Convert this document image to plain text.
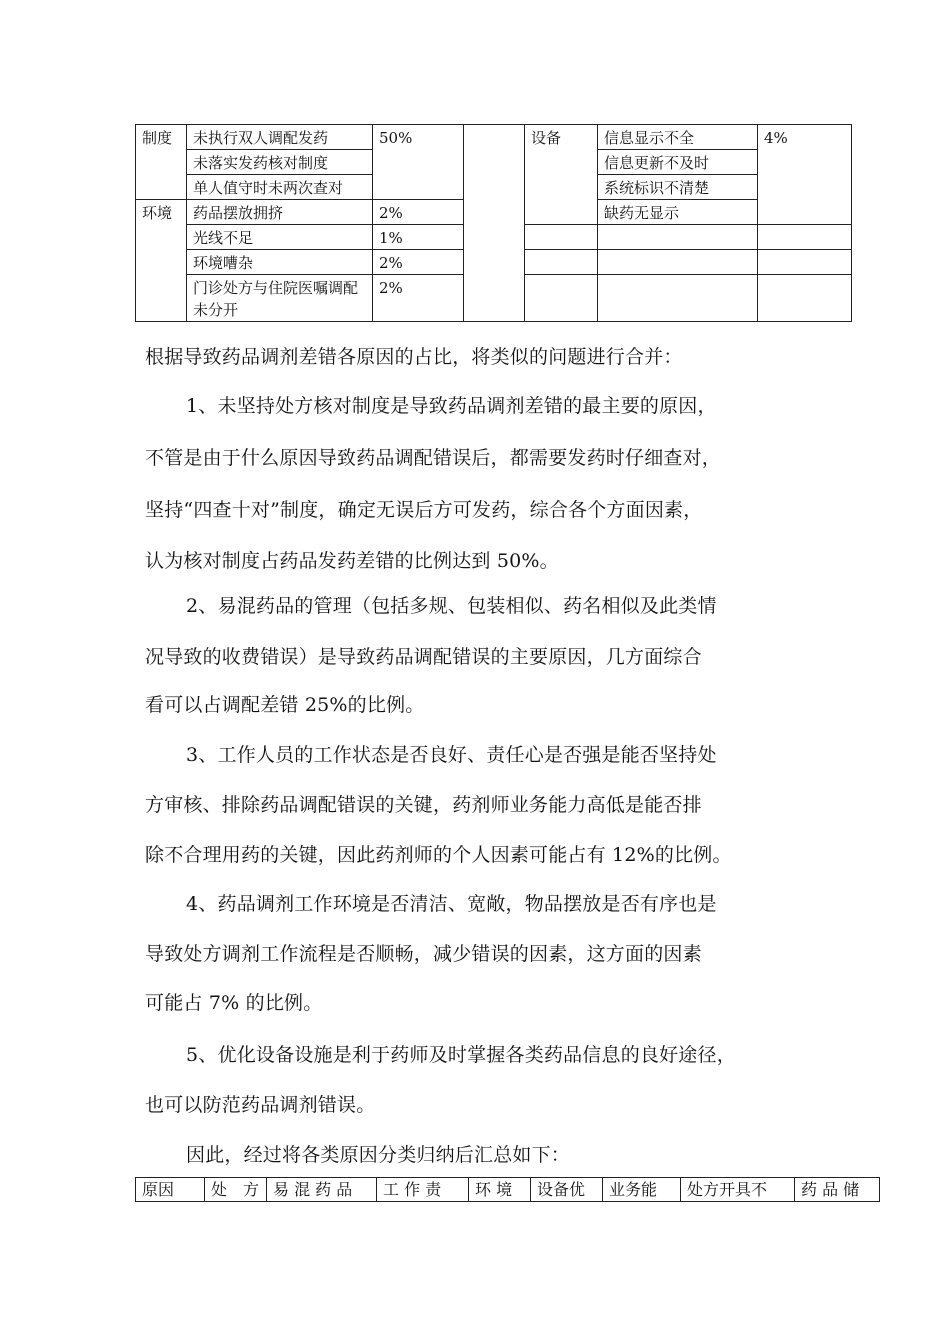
制度	未执行双人调配发药	50%		设备	信息显示不全	4%
	未落实发药核对制度				信息更新不及时	
	单人值守时未两次查对				系统标识不清楚	
环境	药品摆放拥挤	2%			缺药无显示	
	光线不足	1%				
	环境嘈杂	2%				
	门诊处方与住院医嘱调配未分开	2%				

根据导致药品调剂差错各原因的占比，将类似的问题进行合并：

1、未坚持处方核对制度是导致药品调剂差错的最主要的原因，

不管是由于什么原因导致药品调配错误后，都需要发药时仔细查对，

坚持“四查十对”制度，确定无误后方可发药，综合各个方面因素，

认为核对制度占药品发药差错的比例达到 50%。

2、易混药品的管理（包括多规、包装相似、药名相似及此类情

况导致的收费错误）是导致药品调配错误的主要原因，几方面综合

看可以占调配差错 25%的比例。

3、工作人员的工作状态是否良好、责任心是否强是能否坚持处

方审核、排除药品调配错误的关键，药剂师业务能力高低是能否排

除不合理用药的关键，因此药剂师的个人因素可能占有 12%的比例。

4、药品调剂工作环境是否清洁、宽敞，物品摆放是否有序也是

导致处方调剂工作流程是否顺畅，减少错误的因素，这方面的因素

可能占 7% 的比例。

5、优化设备设施是利于药师及时掌握各类药品信息的良好途径，

也可以防范药品调剂错误。

因此，经过将各类原因分类归纳后汇总如下：

原因	处　方	易 混 药 品	工 作 责	环 境	设备优	业务能	处方开具不	药 品 储
